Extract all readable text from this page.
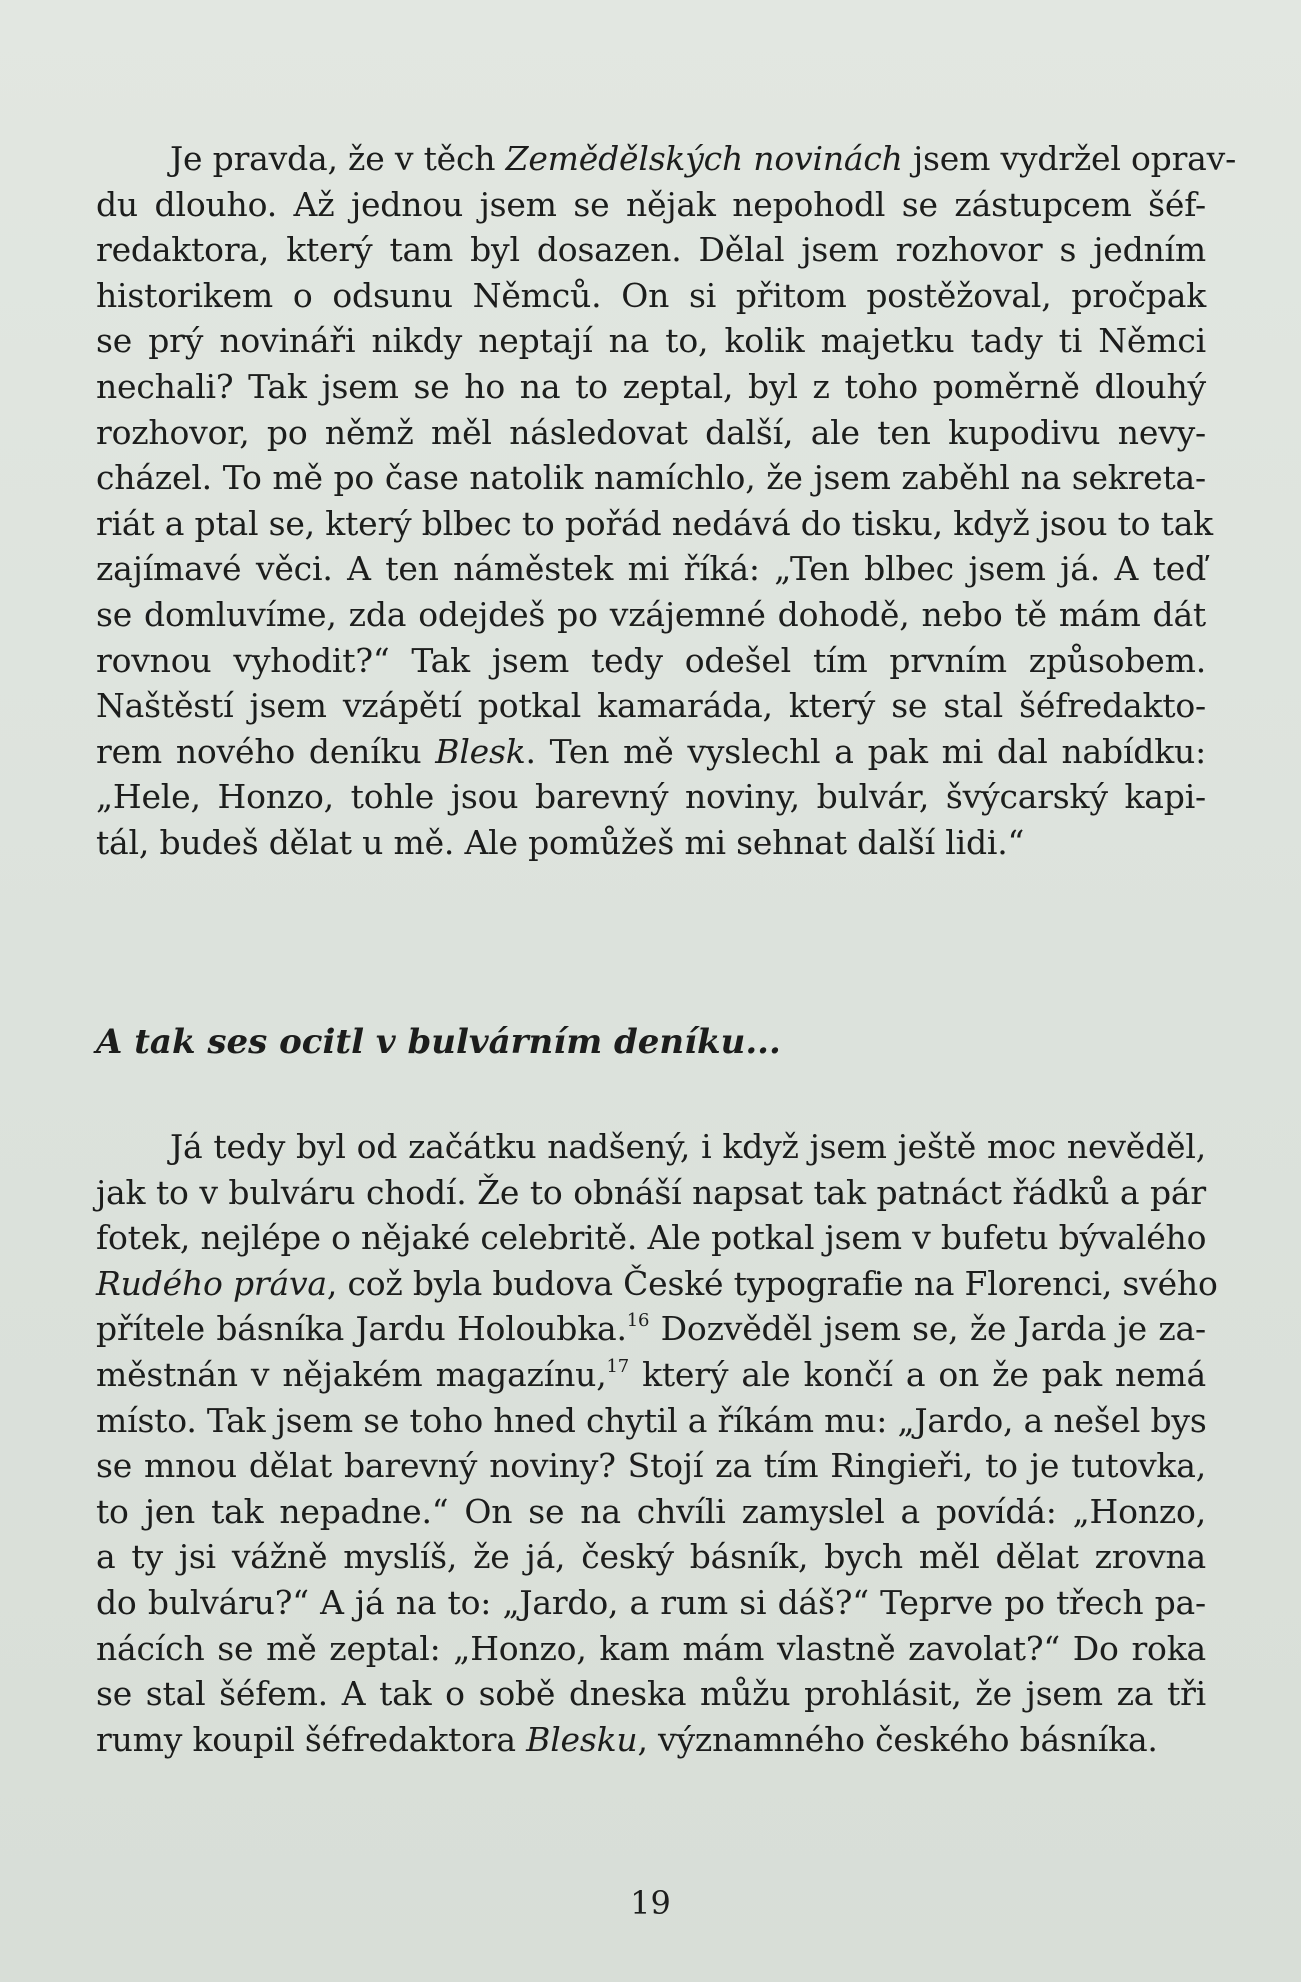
Je pravda, že v těch Zemědělských novinách jsem vydržel oprav-
du dlouho. Až jednou jsem se nějak nepohodl se zástupcem šéf-
redaktora, který tam byl dosazen. Dělal jsem rozhovor s jedním
historikem o odsunu Němců. On si přitom postěžoval, pročpak
se prý novináři nikdy neptají na to, kolik majetku tady ti Němci
nechali? Tak jsem se ho na to zeptal, byl z toho poměrně dlouhý
rozhovor, po němž měl následovat další, ale ten kupodivu nevy-
cházel. To mě po čase natolik namíchlo, že jsem zaběhl na sekreta-
riát a ptal se, který blbec to pořád nedává do tisku, když jsou to tak
zajímavé věci. A ten náměstek mi říká: „Ten blbec jsem já. A teď
se domluvíme, zda odejdeš po vzájemné dohodě, nebo tě mám dát
rovnou vyhodit?“ Tak jsem tedy odešel tím prvním způsobem.
Naštěstí jsem vzápětí potkal kamaráda, který se stal šéfredakto-
rem nového deníku Blesk. Ten mě vyslechl a pak mi dal nabídku:
„Hele, Honzo, tohle jsou barevný noviny, bulvár, švýcarský kapi-
tál, budeš dělat u mě. Ale pomůžeš mi sehnat další lidi.“
A tak ses ocitl v bulvárním deníku...
Já tedy byl od začátku nadšený, i když jsem ještě moc nevěděl,
jak to v bulváru chodí. Že to obnáší napsat tak patnáct řádků a pár
fotek, nejlépe o nějaké celebritě. Ale potkal jsem v bufetu bývalého
Rudého práva, což byla budova České typografie na Florenci, svého
přítele básníka Jardu Holoubka.$^{16}$ Dozvěděl jsem se, že Jarda je za-
městnán v nějakém magazínu,$^{17}$ který ale končí a on že pak nemá
místo. Tak jsem se toho hned chytil a říkám mu: „Jardo, a nešel bys
se mnou dělat barevný noviny? Stojí za tím Ringieři, to je tutovka,
to jen tak nepadne.“ On se na chvíli zamyslel a povídá: „Honzo,
a ty jsi vážně myslíš, že já, český básník, bych měl dělat zrovna
do bulváru?“ A já na to: „Jardo, a rum si dáš?“ Teprve po třech pa-
nácích se mě zeptal: „Honzo, kam mám vlastně zavolat?“ Do roka
se stal šéfem. A tak o sobě dneska můžu prohlásit, že jsem za tři
rumy koupil šéfredaktora Blesku, významného českého básníka.
19
